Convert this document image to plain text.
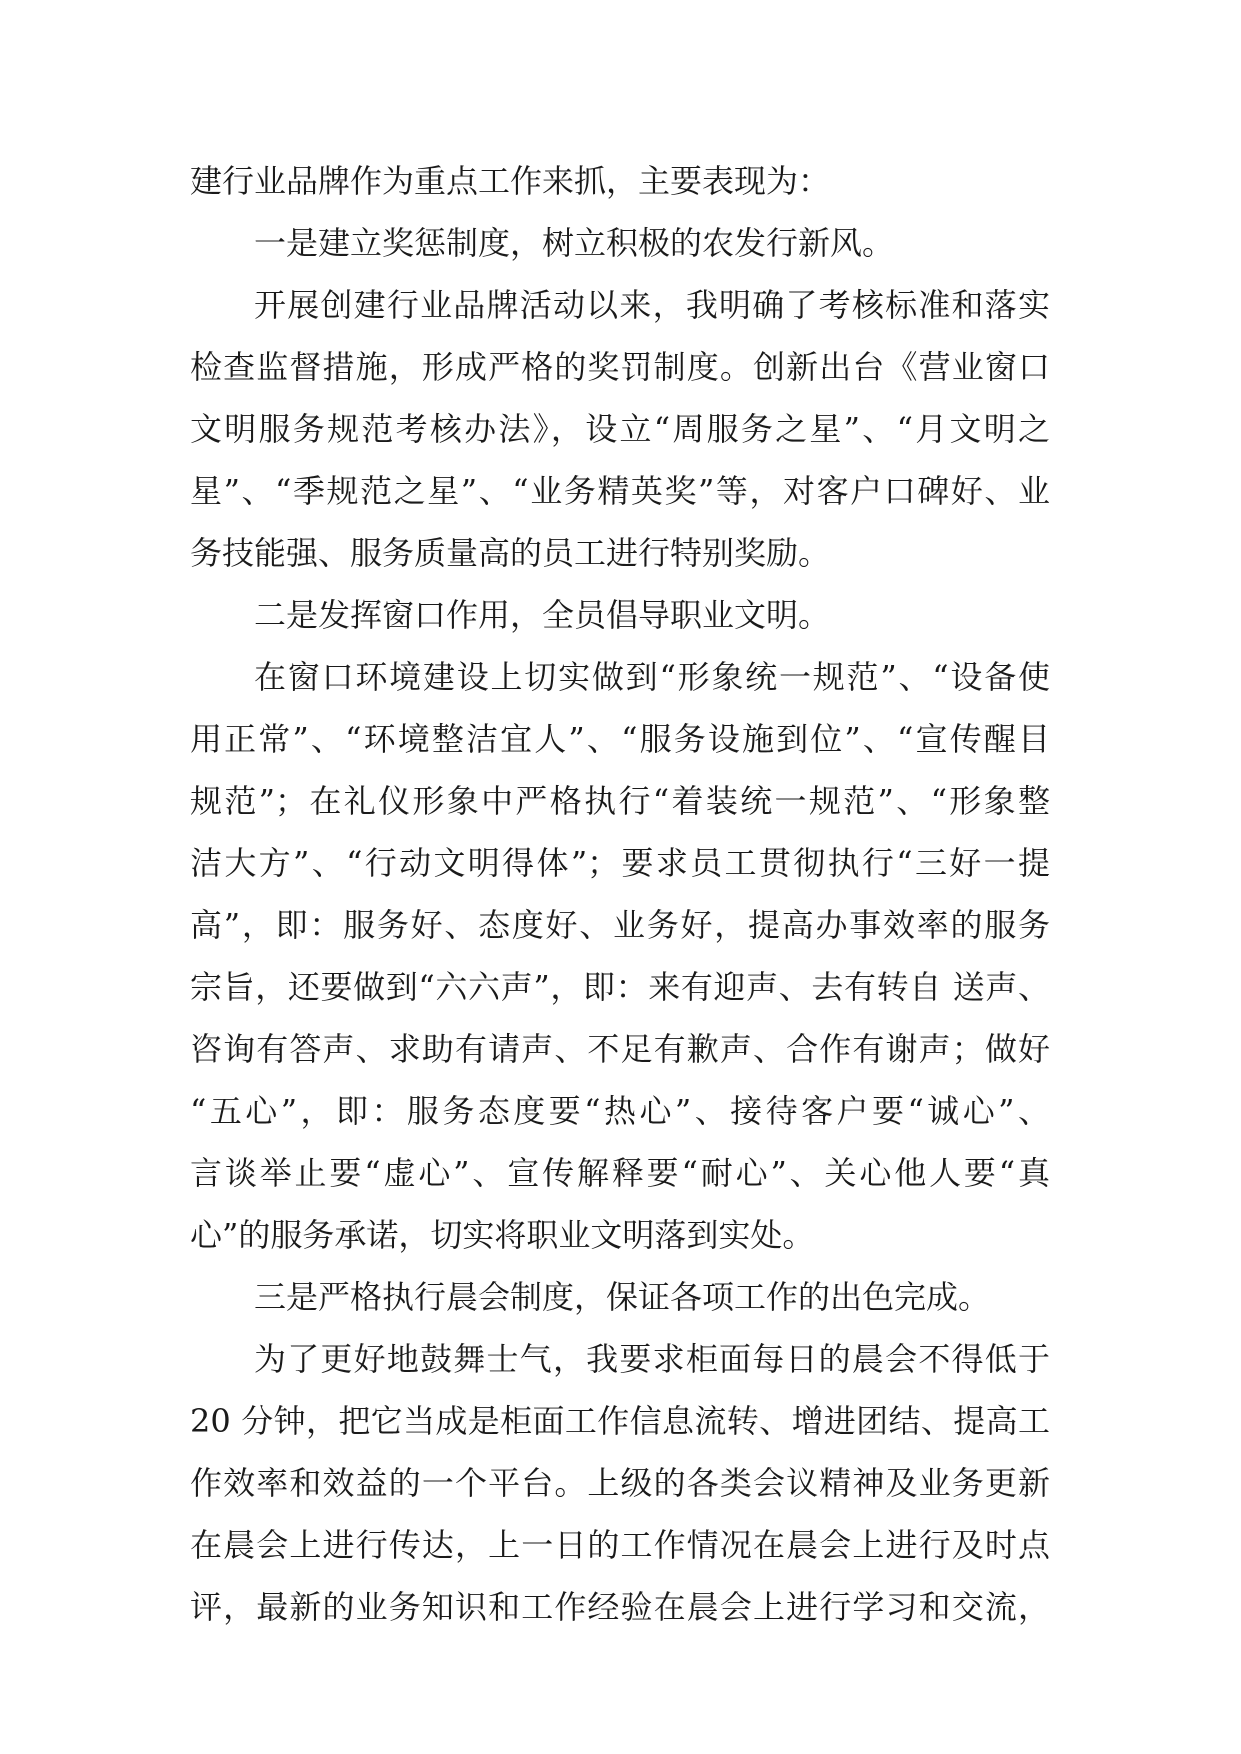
建行业品牌作为重点工作来抓，主要表现为：
一是建立奖惩制度，树立积极的农发行新风。
开展创建行业品牌活动以来，我明确了考核标准和落实
检查监督措施，形成严格的奖罚制度。创新出台《营业窗口
文明服务规范考核办法》，设立“周服务之星”、“月文明之
星”、“季规范之星”、“业务精英奖”等，对客户口碑好、业
务技能强、服务质量高的员工进行特别奖励。
二是发挥窗口作用，全员倡导职业文明。
在窗口环境建设上切实做到“形象统一规范”、“设备使
用正常”、“环境整洁宜人”、“服务设施到位”、“宣传醒目
规范”；在礼仪形象中严格执行“着装统一规范”、“形象整
洁大方”、“行动文明得体”；要求员工贯彻执行“三好一提
高”，即：服务好、态度好、业务好，提高办事效率的服务
宗旨，还要做到“六六声”，即：来有迎声、去有转自 送声、
咨询有答声、求助有请声、不足有歉声、合作有谢声；做好
“五心”，即：服务态度要“热心”、接待客户要“诚心”、
言谈举止要“虚心”、宣传解释要“耐心”、关心他人要“真
心”的服务承诺，切实将职业文明落到实处。
三是严格执行晨会制度，保证各项工作的出色完成。
为了更好地鼓舞士气，我要求柜面每日的晨会不得低于
20 分钟，把它当成是柜面工作信息流转、增进团结、提高工
作效率和效益的一个平台。上级的各类会议精神及业务更新
在晨会上进行传达，上一日的工作情况在晨会上进行及时点
评，最新的业务知识和工作经验在晨会上进行学习和交流，
